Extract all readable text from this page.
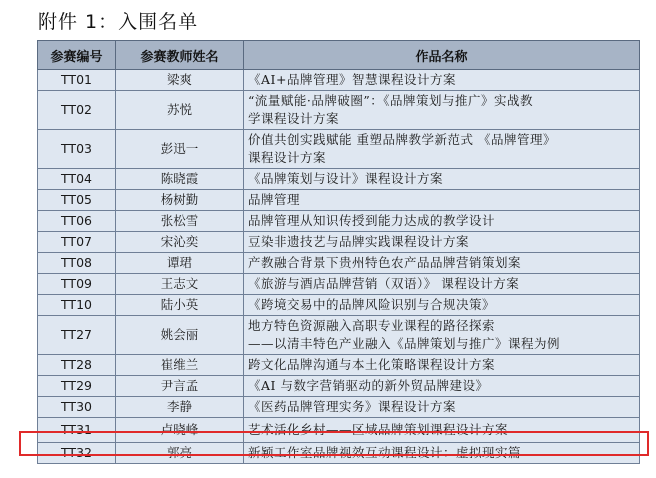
附件 1：入围名单
参赛编号	参赛教师姓名	作品名称
TT01	梁爽	《AI+品牌管理》智慧课程设计方案

TT02	苏悦	“流量赋能·品牌破圈”：《品牌策划与推广》实战教
学课程设计方案

TT03	彭迅一	价值共创实践赋能 重塑品牌教学新范式 《品牌管理》
课程设计方案

TT04	陈晓霞	《品牌策划与设计》课程设计方案

TT05	杨树勤	品牌管理

TT06	张松雪	品牌管理从知识传授到能力达成的教学设计

TT07	宋沁奕	豆染非遗技艺与品牌实践课程设计方案

TT08	谭珺	产教融合背景下贵州特色农产品品牌营销策划案

TT09	王志文	《旅游与酒店品牌营销（双语）》 课程设计方案

TT10	陆小英	《跨境交易中的品牌风险识别与合规决策》

TT27	姚会丽	地方特色资源融入高职专业课程的路径探索
——以清丰特色产业融入《品牌策划与推广》课程为例

TT28	崔维兰	跨文化品牌沟通与本土化策略课程设计方案

TT29	尹言孟	《AI 与数字营销驱动的新外贸品牌建设》

TT30	李静	《医药品牌管理实务》课程设计方案

TT31	卢晓峰	艺术活化乡村——区域品牌策划课程设计方案

TT32	郭亮	新颖工作室品牌视效互动课程设计：虚拟现实篇
